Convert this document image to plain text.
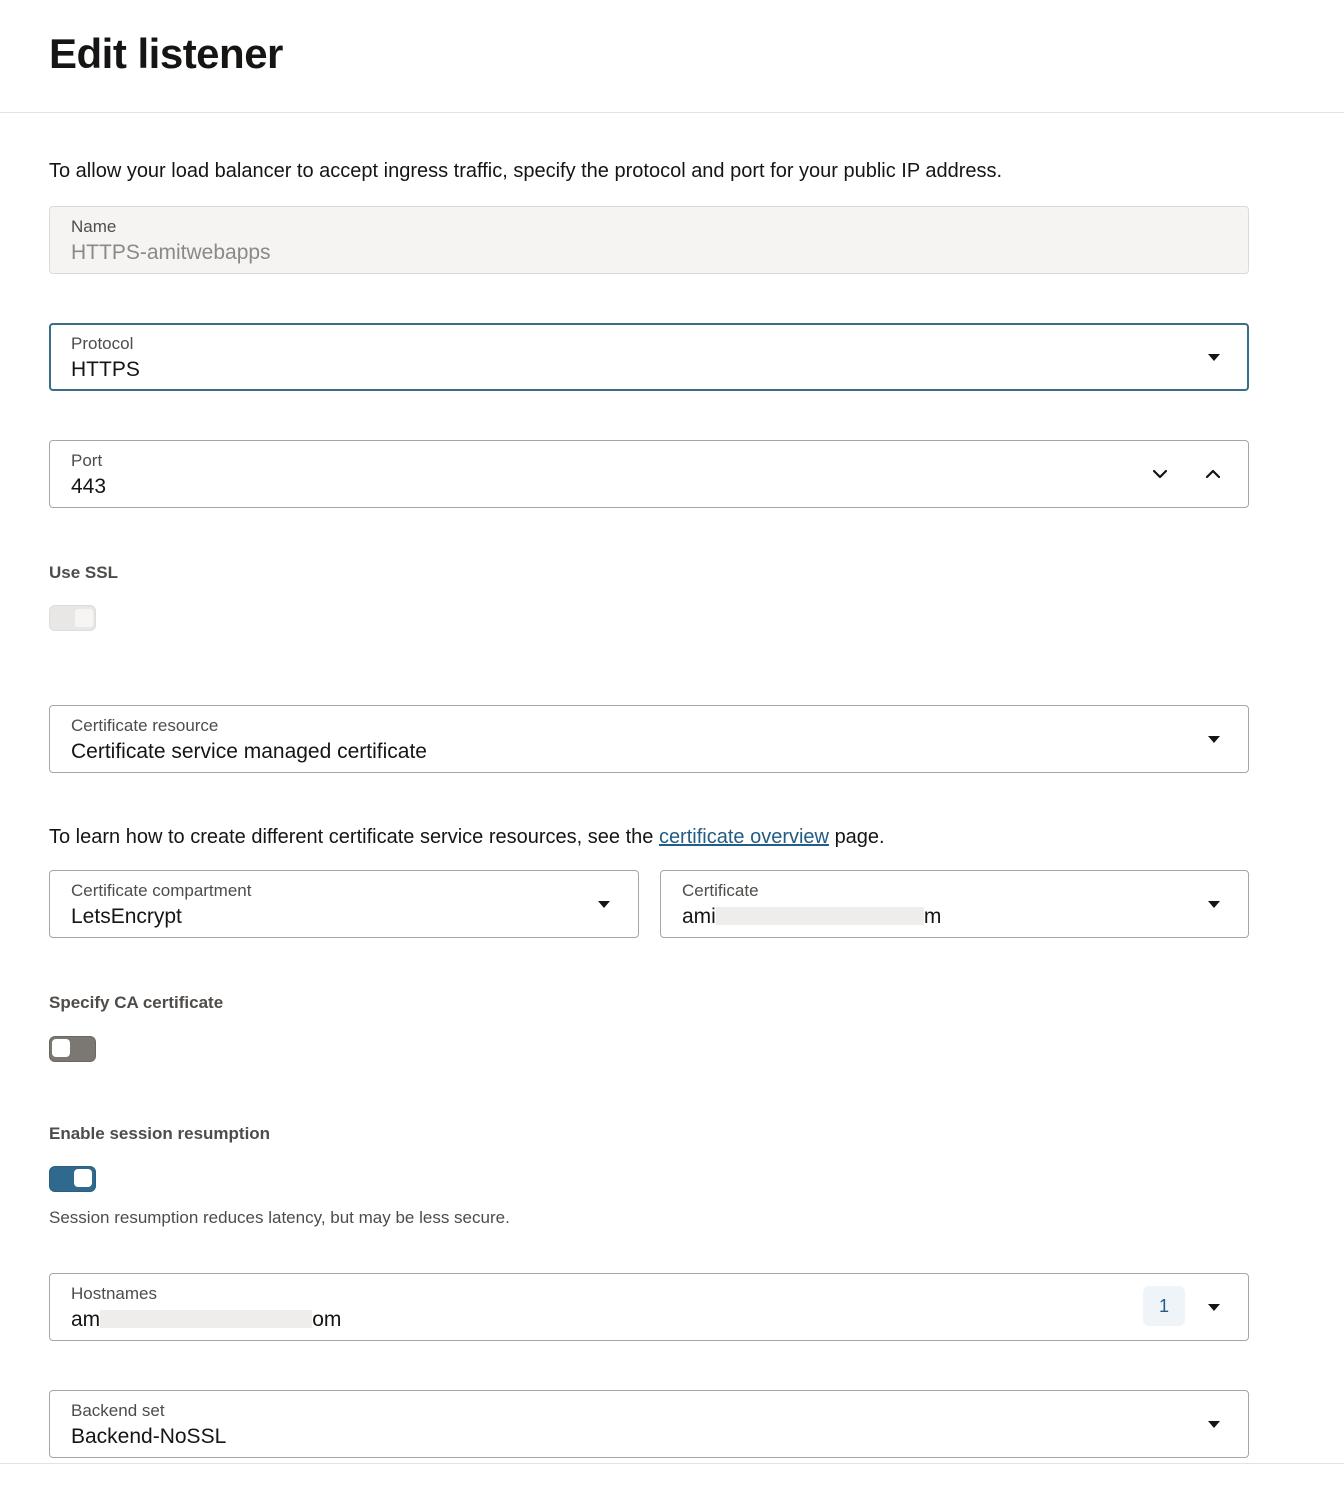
Edit listener
To allow your load balancer to accept ingress traffic, specify the protocol and port for your public IP address.
Name
HTTPS-amitwebapps
Protocol
HTTPS
Port
443
Use SSL
Certificate resource
Certificate service managed certificate
To learn how to create different certificate service resources, see the certificate overview page.
Certificate compartment
LetsEncrypt
Certificate
ami	m
Specify CA certificate
Enable session resumption
Session resumption reduces latency, but may be less secure.
Hostnames
am	om
1
Backend set
Backend-NoSSL
